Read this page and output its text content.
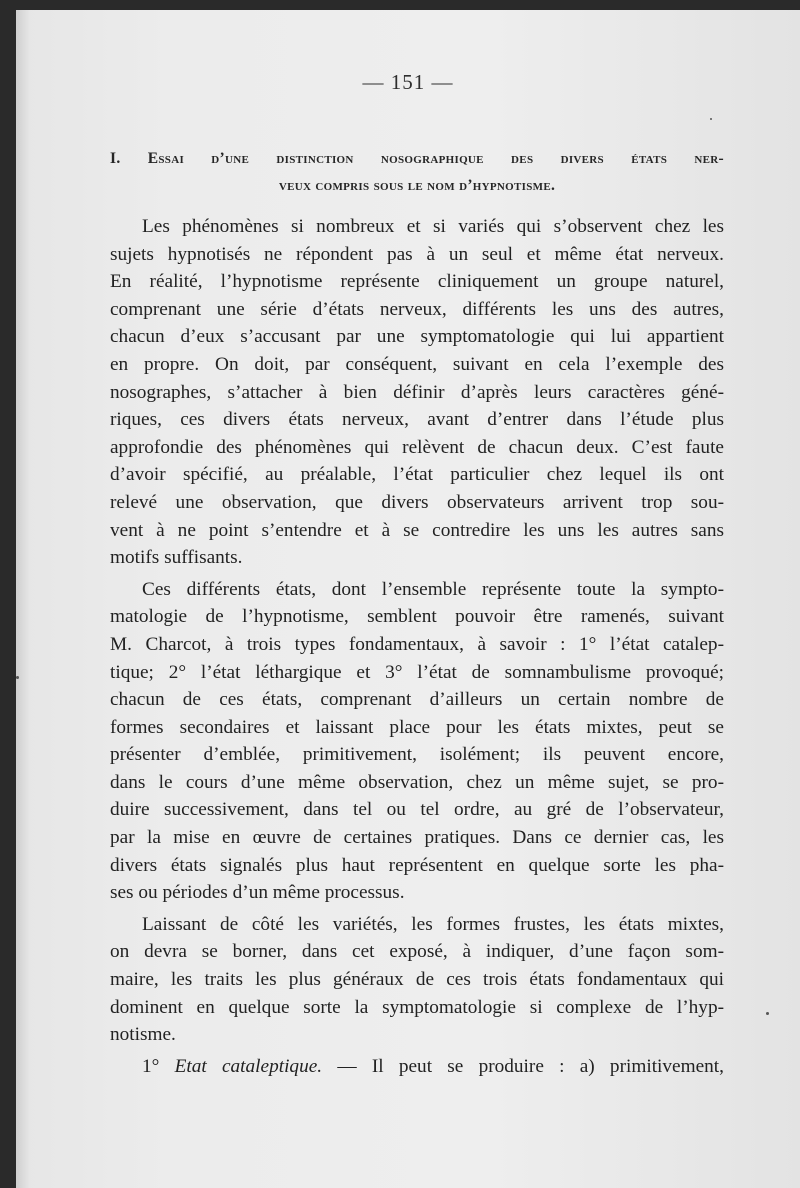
— 151 —
I. Essai d’une distinction nosographique des divers états ner-
veux compris sous le nom d’hypnotisme.
Les phénomènes si nombreux et si variés qui s’observent chez les
sujets hypnotisés ne répondent pas à un seul et même état nerveux.
En réalité, l’hypnotisme représente cliniquement un groupe naturel,
comprenant une série d’états nerveux, différents les uns des autres,
chacun d’eux s’accusant par une symptomatologie qui lui appartient
en propre. On doit, par conséquent, suivant en cela l’exemple des
nosographes, s’attacher à bien définir d’après leurs caractères géné-
riques, ces divers états nerveux, avant d’entrer dans l’étude plus
approfondie des phénomènes qui relèvent de chacun deux. C’est faute
d’avoir spécifié, au préalable, l’état particulier chez lequel ils ont
relevé une observation, que divers observateurs arrivent trop sou-
vent à ne point s’entendre et à se contredire les uns les autres sans
motifs suffisants.
Ces différents états, dont l’ensemble représente toute la sympto-
matologie de l’hypnotisme, semblent pouvoir être ramenés, suivant
M. Charcot, à trois types fondamentaux, à savoir : 1° l’état catalep-
tique; 2° l’état léthargique et 3° l’état de somnambulisme provoqué;
chacun de ces états, comprenant d’ailleurs un certain nombre de
formes secondaires et laissant place pour les états mixtes, peut se
présenter d’emblée, primitivement, isolément; ils peuvent encore,
dans le cours d’une même observation, chez un même sujet, se pro-
duire successivement, dans tel ou tel ordre, au gré de l’observateur,
par la mise en œuvre de certaines pratiques. Dans ce dernier cas, les
divers états signalés plus haut représentent en quelque sorte les pha-
ses ou périodes d’un même processus.
Laissant de côté les variétés, les formes frustes, les états mixtes,
on devra se borner, dans cet exposé, à indiquer, d’une façon som-
maire, les traits les plus généraux de ces trois états fondamentaux qui
dominent en quelque sorte la symptomatologie si complexe de l’hyp-
notisme.
1° Etat cataleptique. — Il peut se produire : a) primitivement,
